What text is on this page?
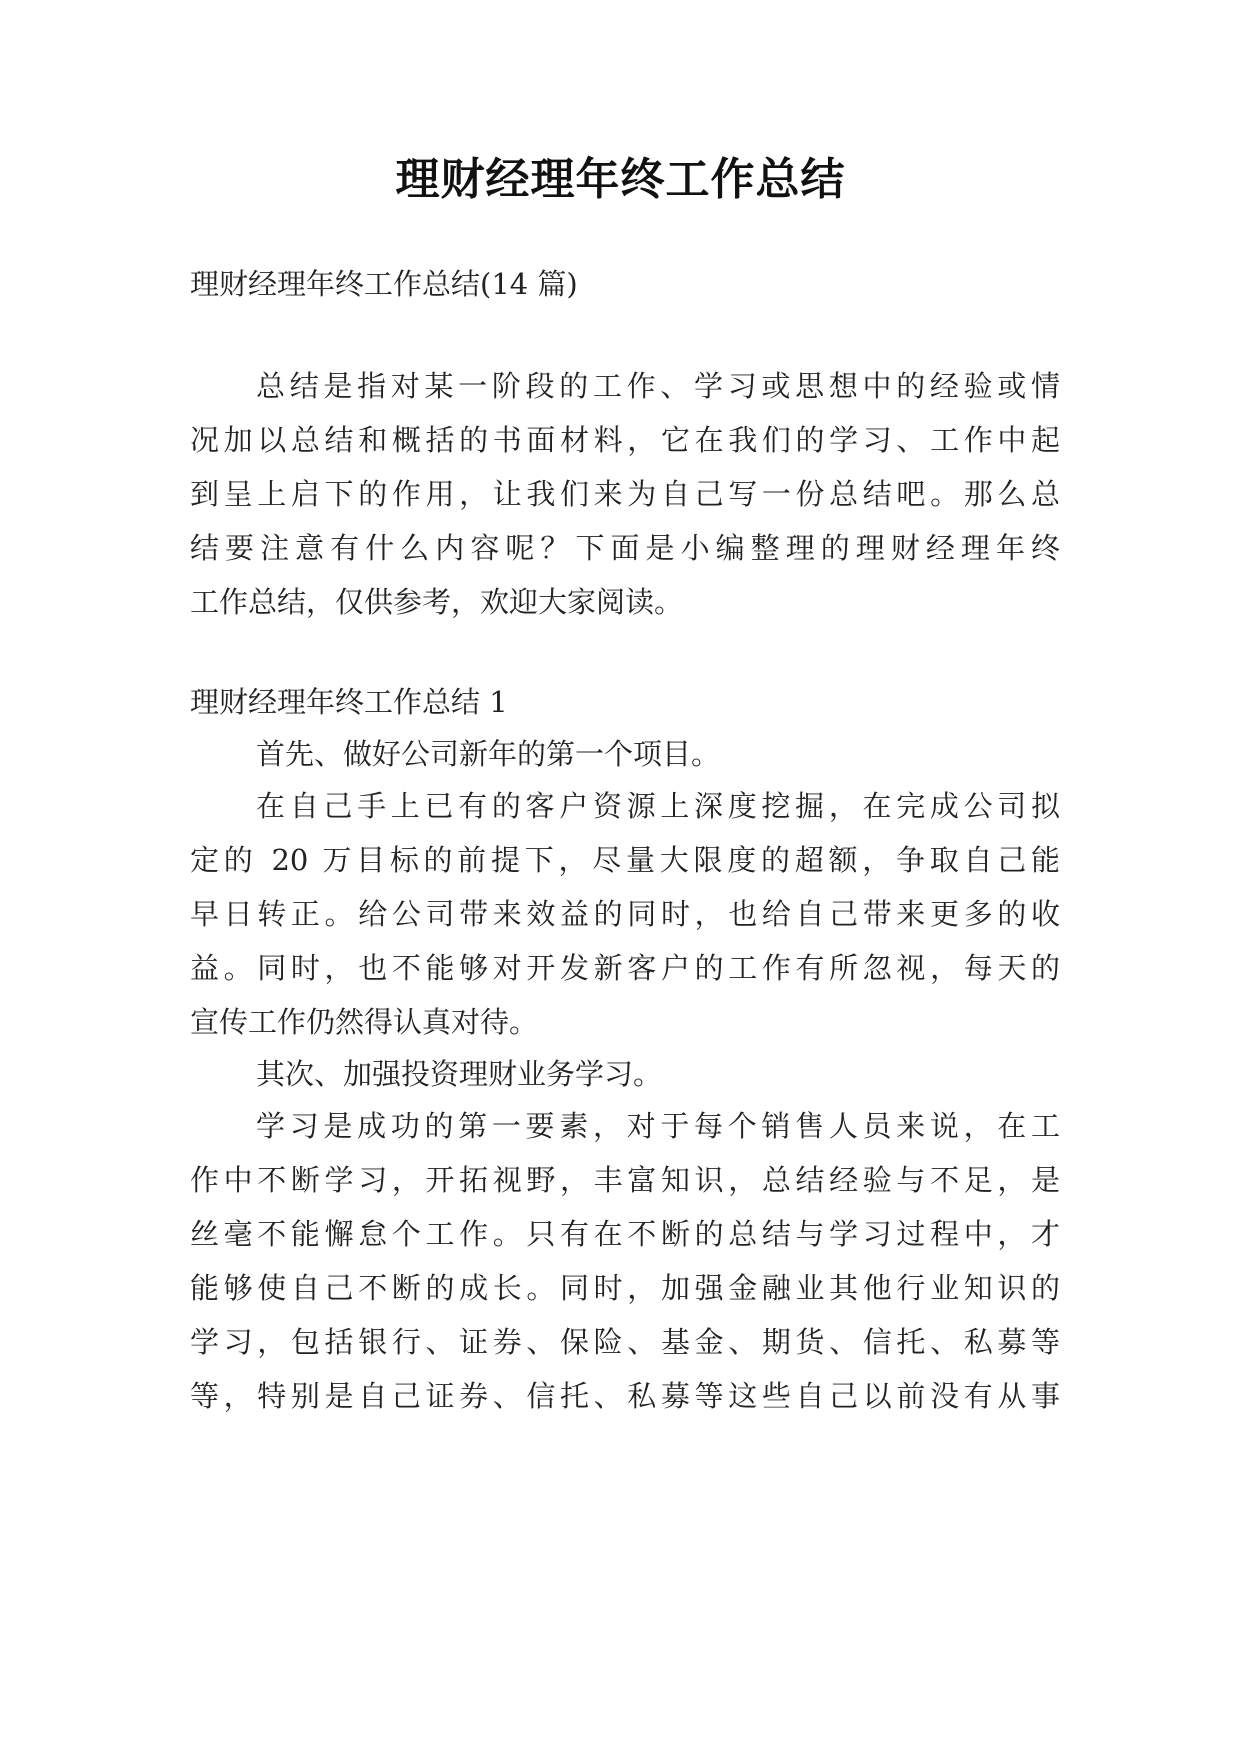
理财经理年终工作总结

理财经理年终工作总结(14 篇)

总结是指对某一阶段的工作、学习或思想中的经验或情

况加以总结和概括的书面材料，它在我们的学习、工作中起

到呈上启下的作用，让我们来为自己写一份总结吧。那么总

结要注意有什么内容呢？下面是小编整理的理财经理年终

工作总结，仅供参考，欢迎大家阅读。

理财经理年终工作总结 1

首先、做好公司新年的第一个项目。

在自己手上已有的客户资源上深度挖掘，在完成公司拟

定的 20 万目标的前提下，尽量大限度的超额，争取自己能

早日转正。给公司带来效益的同时，也给自己带来更多的收

益。同时，也不能够对开发新客户的工作有所忽视，每天的

宣传工作仍然得认真对待。

其次、加强投资理财业务学习。

学习是成功的第一要素，对于每个销售人员来说，在工

作中不断学习，开拓视野，丰富知识，总结经验与不足，是

丝毫不能懈怠个工作。只有在不断的总结与学习过程中，才

能够使自己不断的成长。同时，加强金融业其他行业知识的

学习，包括银行、证券、保险、基金、期货、信托、私募等

等，特别是自己证券、信托、私募等这些自己以前没有从事
